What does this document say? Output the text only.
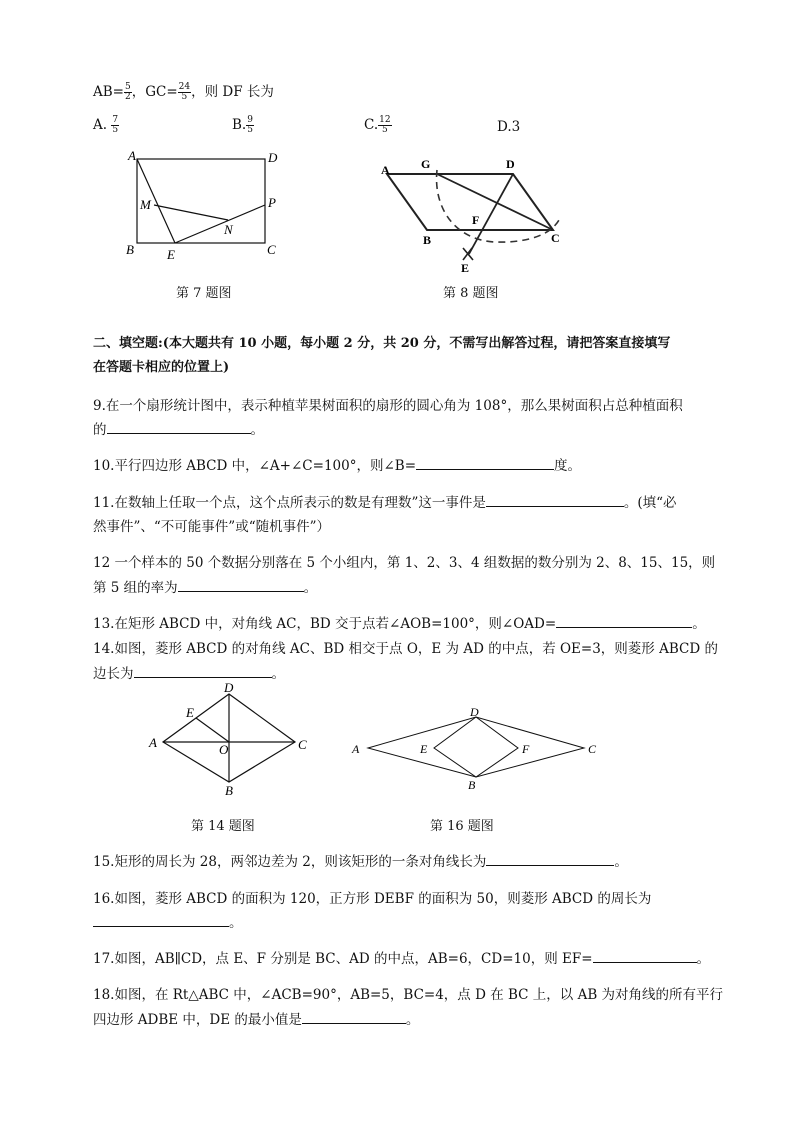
$AB= \frac{5}{2}$ ，$GC= \frac{24}{5}$ ，则 DF 长为
A. $\frac{7}{5}$	B. $\frac{9}{5}$	C. $\frac{12}{5}$	D.3
A	D
M	P
N
B	E	C
第 7 题图
A	G	D
F
B	C
E
第 8 题图
二、填空题:(本大题共有 10 小题，每小题 2 分，共 20 分，不需写出解答过程，请把答案直接填写
在答题卡相应的位置上)
9.在一个扇形统计图中，表示种植苹果树面积的扇形的圆心角为 108°，那么果树面积占总种植面积
的	。
10.平行四边形 ABCD 中，∠A+∠C=100°，则∠B=	度。
11.在数轴上任取一个点，这个点所表示的数是有理数”这一事件是	。(填“必
然事件”、“不可能事件”或“随机事件”）
12 一个样本的 50 个数据分别落在 5 个小组内，第 1、2、3、4 组数据的数分别为 2、8、15、15，则
第 5 组的率为	。
13.在矩形 ABCD 中，对角线 AC，BD 交于点若∠AOB=100°，则∠OAD=	。
14.如图，菱形 ABCD 的对角线 AC、BD 相交于点 O，E 为 AD 的中点，若 OE=3，则菱形 ABCD 的
边长为	。
D
E
A	O	C
B
第 14 题图
D
A	E	F	C
B
第 16 题图
15.矩形的周长为 28，两邻边差为 2，则该矩形的一条对角线长为	。
16.如图，菱形 ABCD 的面积为 120，正方形 DEBF 的面积为 50，则菱形 ABCD 的周长为
。
17.如图，AB∥CD，点 E、F 分别是 BC、AD 的中点，AB=6，CD=10，则 EF=	。
18.如图，在 Rt△ABC 中，∠ACB=90°，AB=5，BC=4，点 D 在 BC 上，以 AB 为对角线的所有平行
四边形 ADBE 中，DE 的最小值是	。
